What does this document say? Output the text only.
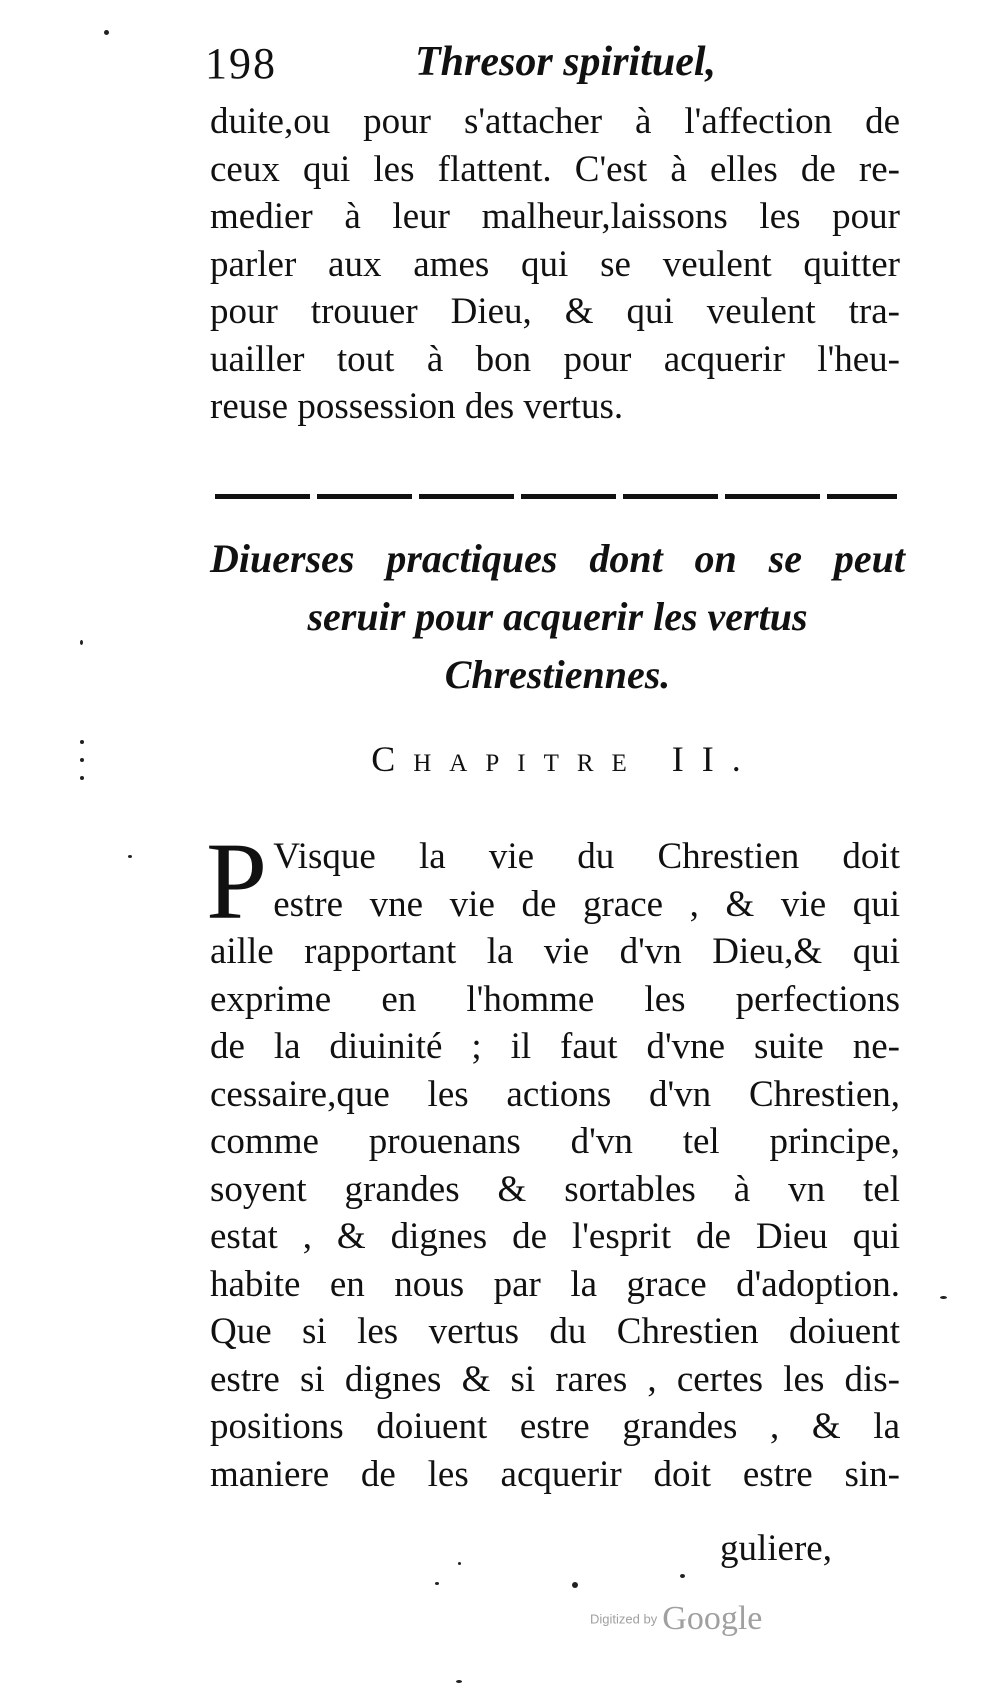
198	Thresor spirituel,
duite,ou pour s'attacher à l'affection de
ceux qui les flattent. C'est à elles de re-
medier à leur malheur,laissons les pour
parler aux ames qui se veulent quitter
pour trouuer Dieu, & qui veulent tra-
uailler tout à bon pour acquerir l'heu-
reuse possession des vertus.
Diuerses practiques dont on se peut
seruir pour acquerir les vertus
Chrestiennes.
Chapitre II.
P Visque la vie du Chrestien doit
estre vne vie de grace , & vie qui
aille rapportant la vie d'vn Dieu,& qui
exprime en l'homme les perfections
de la diuinité ; il faut d'vne suite ne-
cessaire,que les actions d'vn Chrestien,
comme prouenans d'vn tel principe,
soyent grandes & sortables à vn tel
estat , & dignes de l'esprit de Dieu qui
habite en nous par la grace d'adoption.
Que si les vertus du Chrestien doiuent
estre si dignes & si rares , certes les dis-
positions doiuent estre grandes , & la
maniere de les acquerir doit estre sin-
guliere,
Digitized by Google
